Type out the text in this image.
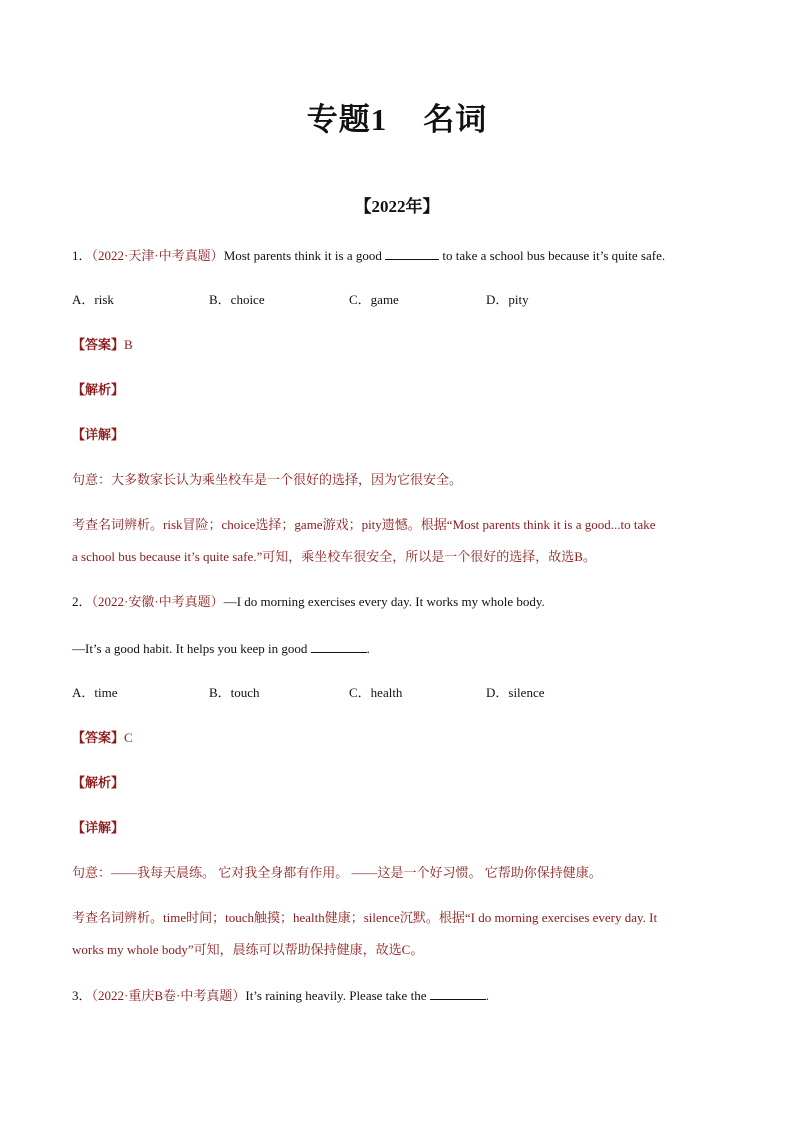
专题1 名词
【2022年】
1．（2022·天津·中考真题）Most parents think it is a good	to take a school bus because it’s quite safe.
A．risk	B．choice	C．game	D．pity
【答案】B
【解析】
【详解】
句意：大多数家长认为乘坐校车是一个很好的选择，因为它很安全。
考查名词辨析。risk冒险；choice选择；game游戏；pity遗憾。根据“Most parents think it is a good...to take
a school bus because it’s quite safe.”可知，乘坐校车很安全，所以是一个很好的选择，故选B。
2．（2022·安徽·中考真题）—I do morning exercises every day. It works my whole body.
—It’s a good habit. It helps you keep in good	.
A．time	B．touch	C．health	D．silence
【答案】C
【解析】
【详解】
句意：——我每天晨练。 它对我全身都有作用。 ——这是一个好习惯。 它帮助你保持健康。
考查名词辨析。time时间；touch触摸；health健康；silence沉默。根据“I do morning exercises every day. It
works my whole body”可知，晨练可以帮助保持健康，故选C。
3．（2022·重庆B卷·中考真题）It’s raining heavily. Please take the	.
